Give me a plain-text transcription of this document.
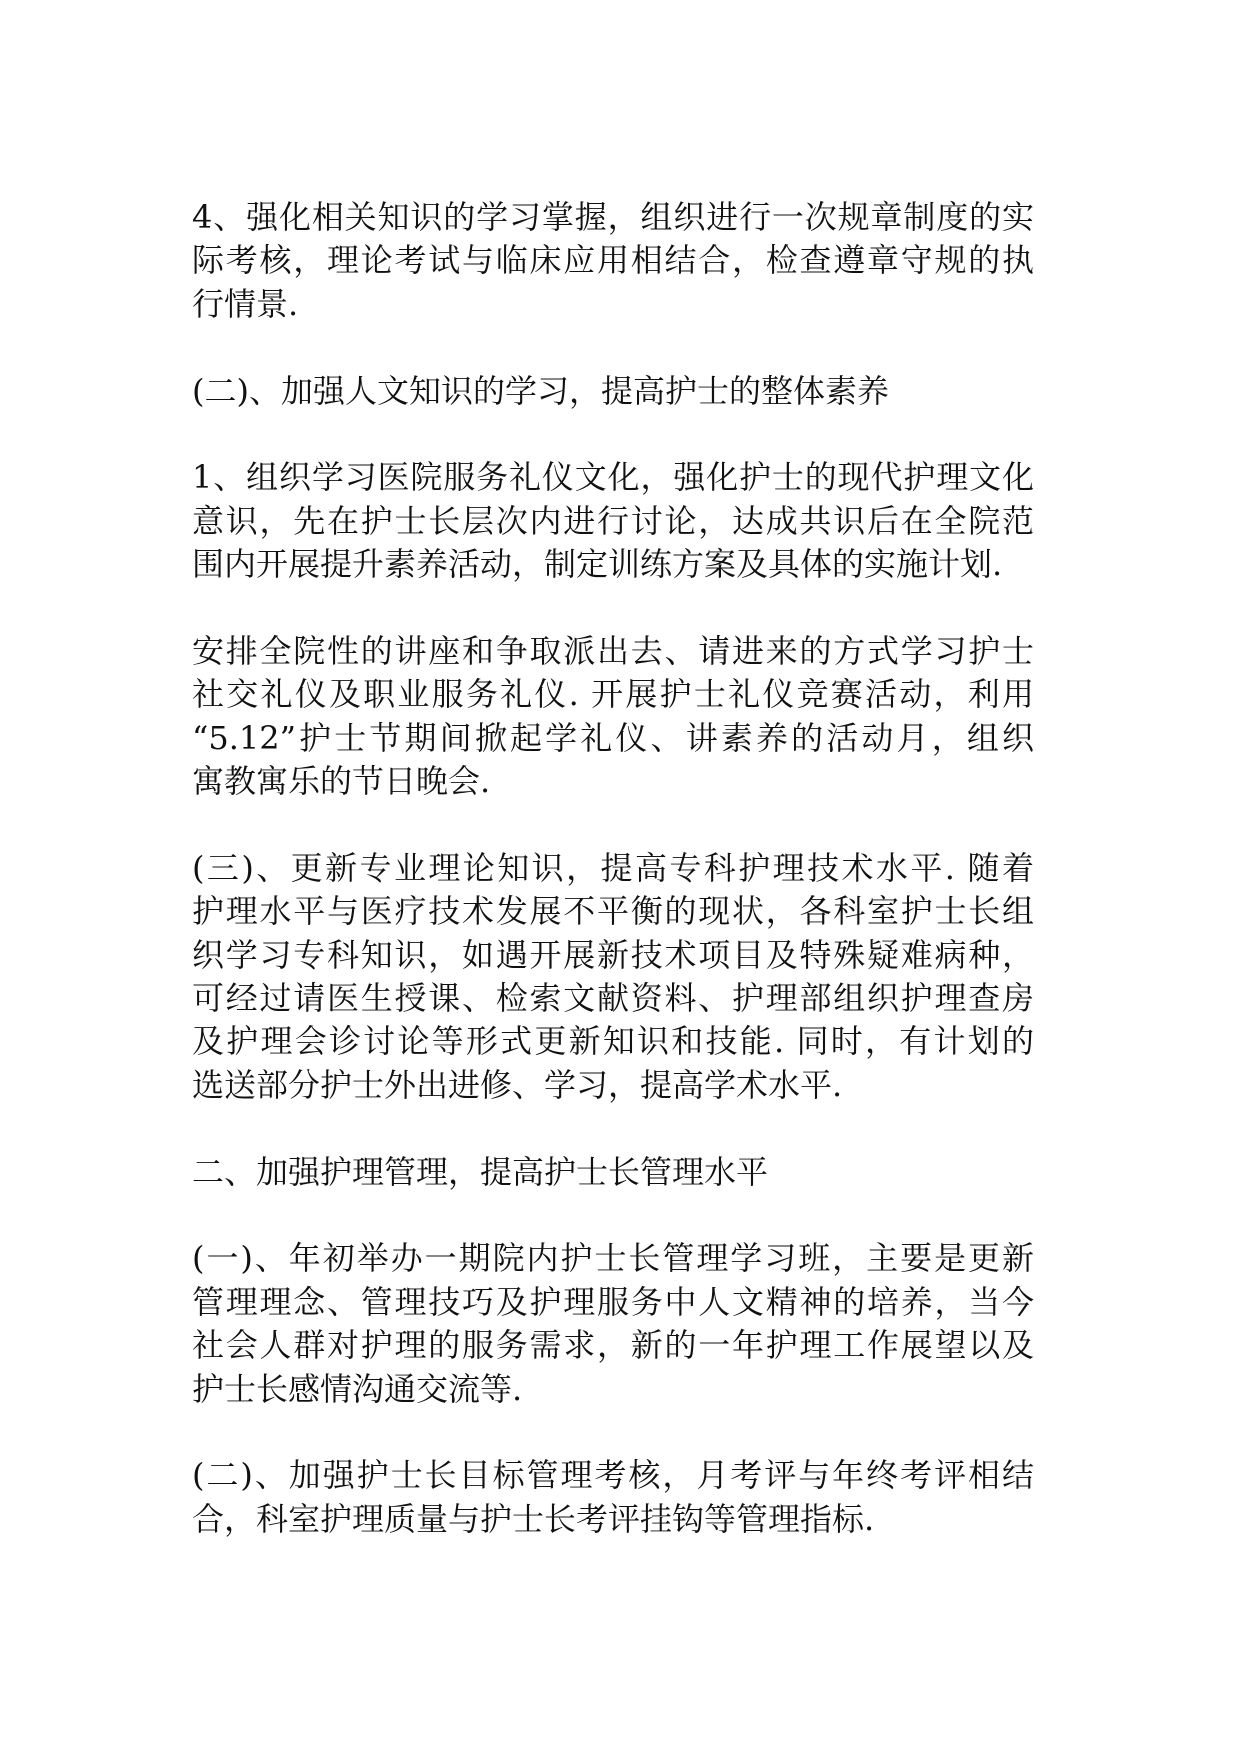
4、强化相关知识的学习掌握，组织进行一次规章制度的实
际考核，理论考试与临床应用相结合，检查遵章守规的执
行情景.
(二)、加强人文知识的学习，提高护士的整体素养
1、组织学习医院服务礼仪文化，强化护士的现代护理文化
意识，先在护士长层次内进行讨论，达成共识后在全院范
围内开展提升素养活动，制定训练方案及具体的实施计划.
安排全院性的讲座和争取派出去、请进来的方式学习护士
社交礼仪及职业服务礼仪. 开展护士礼仪竞赛活动，利用
“5.12”护士节期间掀起学礼仪、讲素养的活动月，组织
寓教寓乐的节日晚会.
(三)、更新专业理论知识，提高专科护理技术水平. 随着
护理水平与医疗技术发展不平衡的现状，各科室护士长组
织学习专科知识，如遇开展新技术项目及特殊疑难病种，
可经过请医生授课、检索文献资料、护理部组织护理查房
及护理会诊讨论等形式更新知识和技能. 同时，有计划的
选送部分护士外出进修、学习，提高学术水平.
二、加强护理管理，提高护士长管理水平
(一)、年初举办一期院内护士长管理学习班，主要是更新
管理理念、管理技巧及护理服务中人文精神的培养，当今
社会人群对护理的服务需求，新的一年护理工作展望以及
护士长感情沟通交流等.
(二)、加强护士长目标管理考核，月考评与年终考评相结
合，科室护理质量与护士长考评挂钩等管理指标.
